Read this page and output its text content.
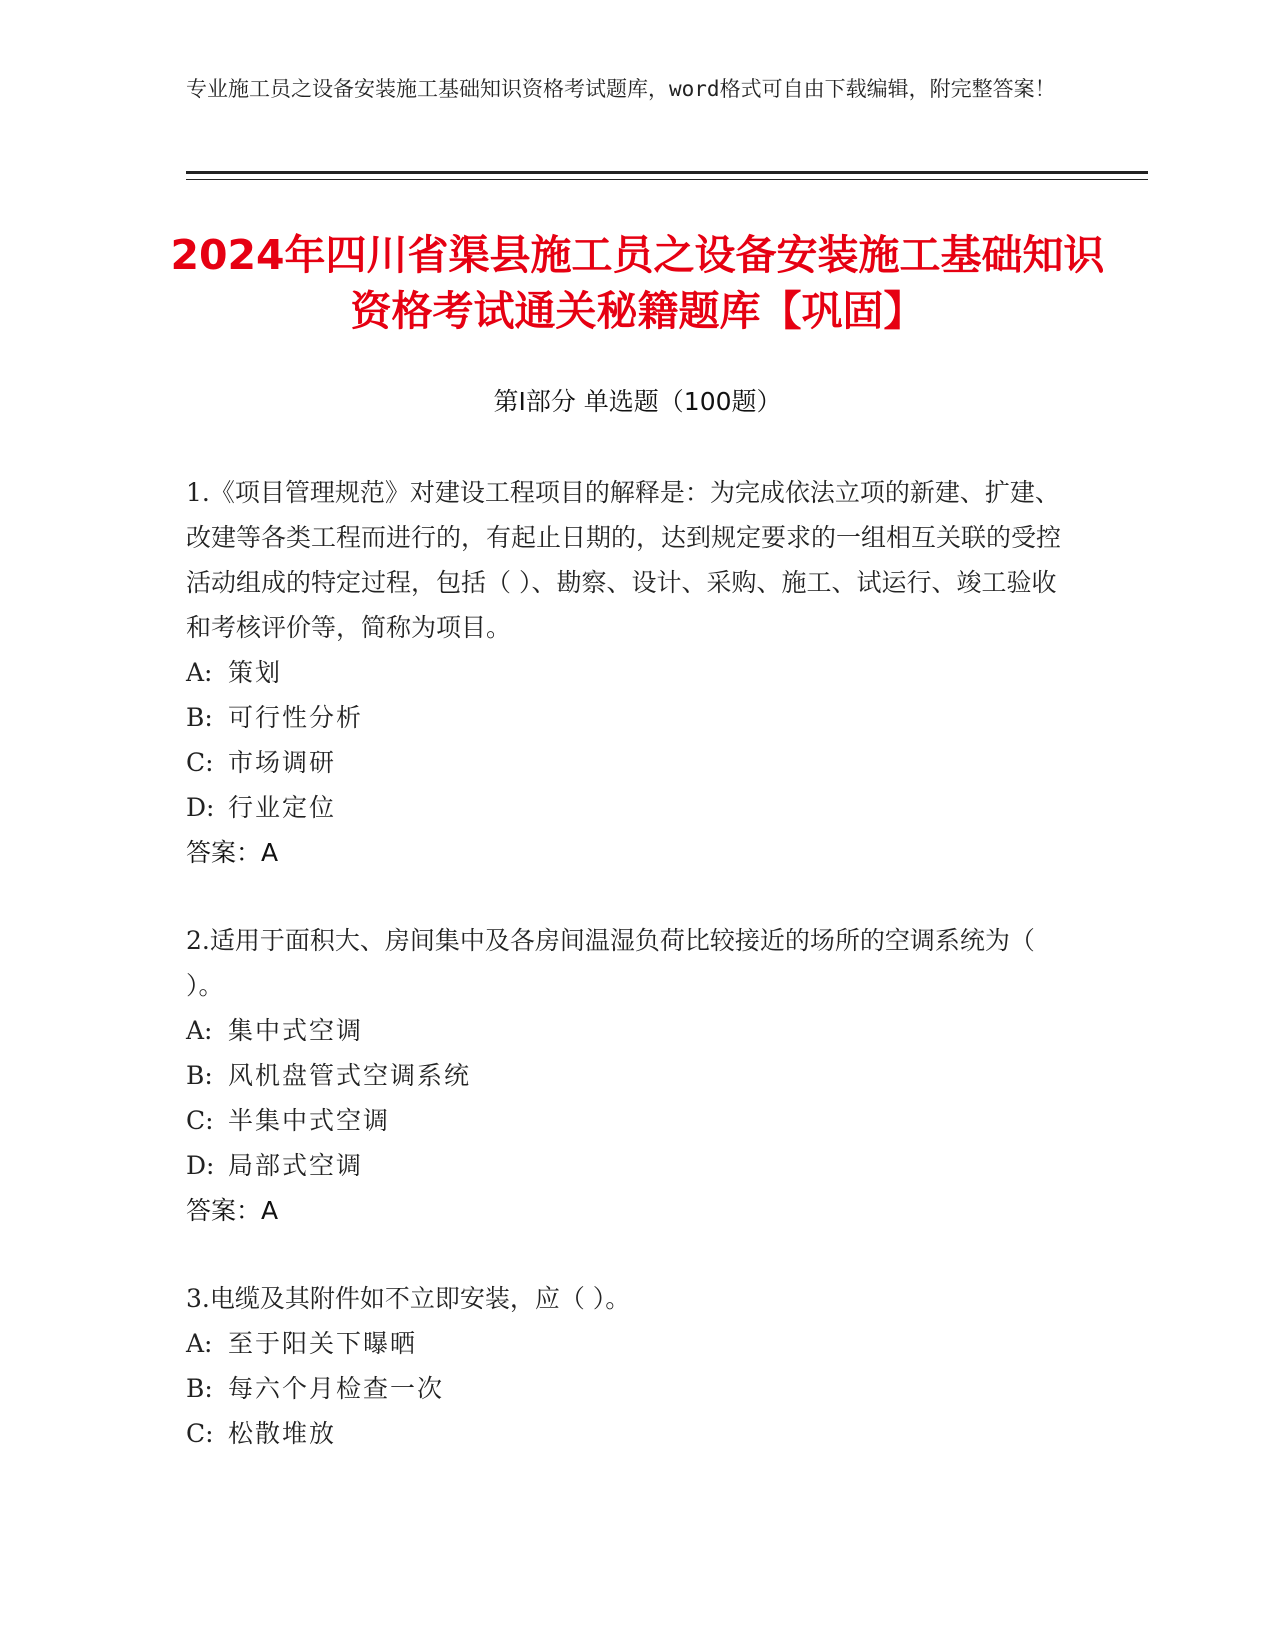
专业施工员之设备安装施工基础知识资格考试题库，word格式可自由下载编辑，附完整答案！
2024年四川省渠县施工员之设备安装施工基础知识资格考试通关秘籍题库【巩固】
第Ⅰ部分 单选题（100题）
1.《项目管理规范》对建设工程项目的解释是：为完成依法立项的新建、扩建、改建等各类工程而进行的，有起止日期的，达到规定要求的一组相互关联的受控活动组成的特定过程，包括（ ）、勘察、设计、采购、施工、试运行、竣工验收和考核评价等，简称为项目。
A: 策划
B: 可行性分析
C: 市场调研
D: 行业定位
答案：A
2.适用于面积大、房间集中及各房间温湿负荷比较接近的场所的空调系统为（ ）。
A: 集中式空调
B: 风机盘管式空调系统
C: 半集中式空调
D: 局部式空调
答案：A
3.电缆及其附件如不立即安装，应（ ）。
A: 至于阳关下曝晒
B: 每六个月检查一次
C: 松散堆放
